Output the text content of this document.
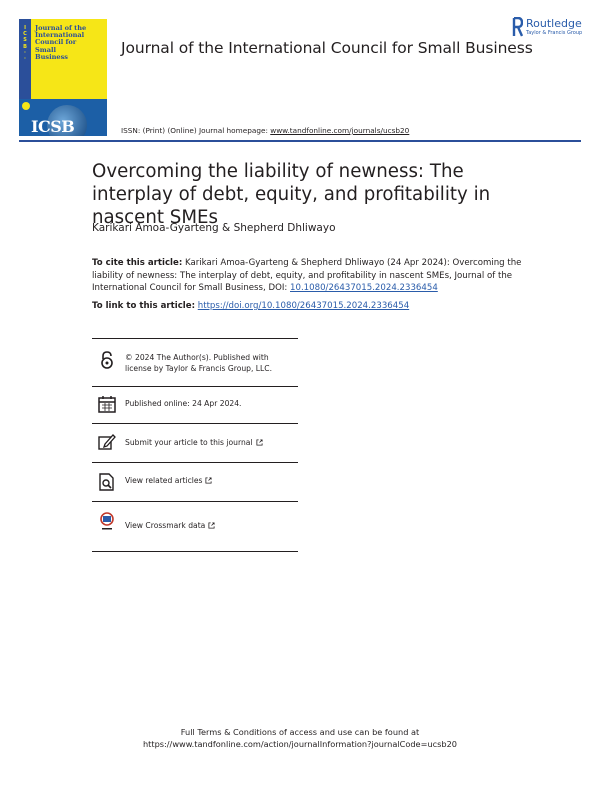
I
C
S
B
·
·
Journal of the
International
Council for
Small
Business
ICSB
Journal of the International Council for Small Business
Routledge
Taylor & Francis Group
ISSN: (Print) (Online) Journal homepage: www.tandfonline.com/journals/ucsb20
Overcoming the liability of newness: The interplay of debt, equity, and profitability in nascent SMEs
Karikari Amoa-Gyarteng & Shepherd Dhliwayo
To cite this article: Karikari Amoa-Gyarteng & Shepherd Dhliwayo (24 Apr 2024): Overcoming the liability of newness: The interplay of debt, equity, and profitability in nascent SMEs, Journal of the International Council for Small Business, DOI: 10.1080/26437015.2024.2336454
To link to this article: https://doi.org/10.1080/26437015.2024.2336454
© 2024 The Author(s). Published with license by Taylor & Francis Group, LLC.
Published online: 24 Apr 2024.
Submit your article to this journal
View related articles
View Crossmark data
Full Terms & Conditions of access and use can be found at
https://www.tandfonline.com/action/journalInformation?journalCode=ucsb20
